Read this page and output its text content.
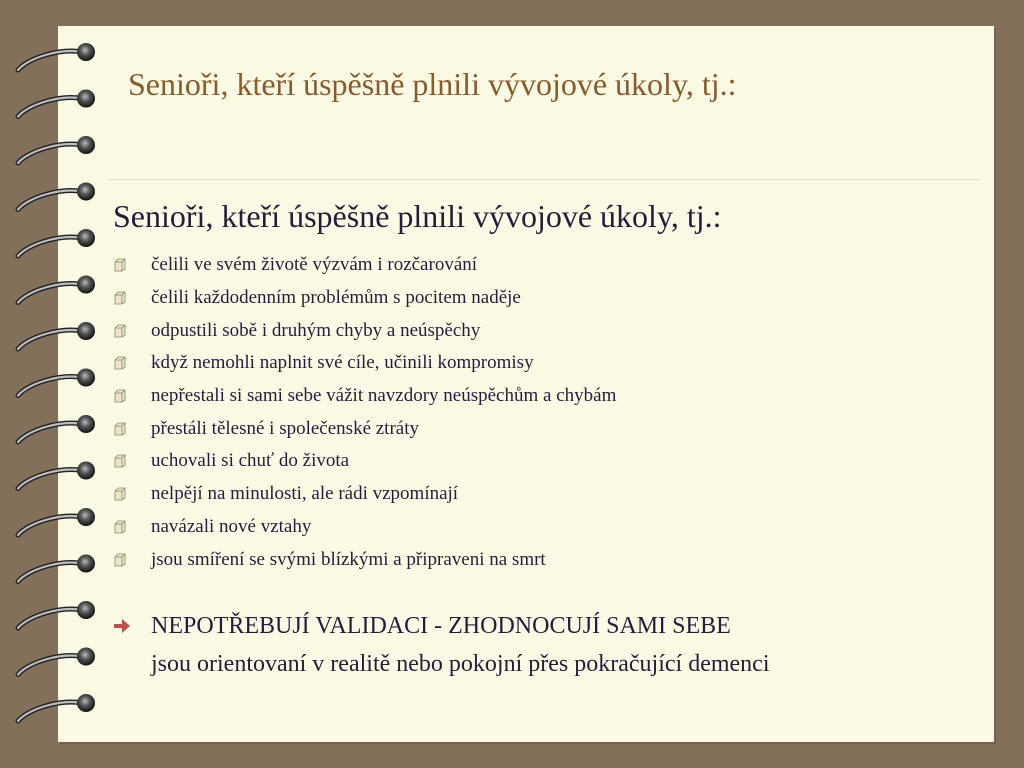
Senioři, kteří úspěšně plnili vývojové úkoly, tj.:
Senioři, kteří úspěšně plnili vývojové úkoly, tj.:
čelili ve svém životě výzvám i rozčarování
čelili každodenním problémům s pocitem naděje
odpustili sobě i druhým chyby a neúspěchy
když nemohli naplnit své cíle, učinili kompromisy
nepřestali si sami sebe vážit navzdory neúspěchům a chybám
přestáli tělesné i společenské ztráty
uchovali si chuť do života
nelpějí na minulosti, ale rádi vzpomínají
navázali nové vztahy
jsou smíření se svými blízkými a připraveni na smrt
NEPOTŘEBUJÍ VALIDACI - ZHODNOCUJÍ SAMI SEBE
jsou orientovaní v realitě nebo pokojní přes pokračující demenci
